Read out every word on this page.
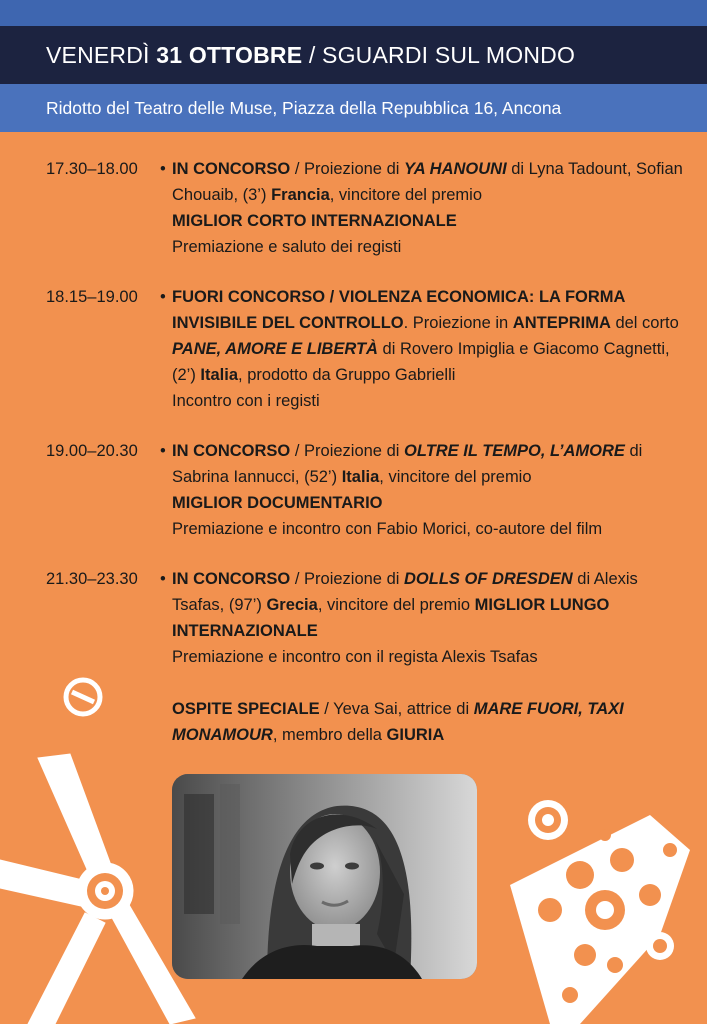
VENERDÌ
31 OTTOBRE
/
SGUARDI SUL MONDO
Ridotto del Teatro delle Muse, Piazza della Repubblica 16, Ancona
17.30–18.00	• IN CONCORSO / Proiezione di YA HANOUNI di Lyna Tadount, Sofian Chouaib, (3’) Francia, vincitore del premio
MIGLIOR CORTO INTERNAZIONALE
Premiazione e saluto dei registi
18.15–19.00	• FUORI CONCORSO / VIOLENZA ECONOMICA: LA FORMA INVISIBILE DEL CONTROLLO. Proiezione in ANTEPRIMA del corto PANE, AMORE E LIBERTÀ di Rovero Impiglia e Giacomo Cagnetti, (2’) Italia, prodotto da Gruppo Gabrielli
Incontro con i registi
19.00–20.30	• IN CONCORSO / Proiezione di OLTRE IL TEMPO, L’AMORE di Sabrina Iannucci, (52’) Italia, vincitore del premio
MIGLIOR DOCUMENTARIO
Premiazione e incontro con Fabio Morici, co-autore del film
21.30–23.30	• IN CONCORSO / Proiezione di DOLLS OF DRESDEN di Alexis Tsafas, (97’) Grecia, vincitore del premio MIGLIOR LUNGO INTERNAZIONALE
Premiazione e incontro con il regista Alexis Tsafas

OSPITE SPECIALE / Yeva Sai, attrice di MARE FUORI, TAXI MONAMOUR, membro della GIURIA
